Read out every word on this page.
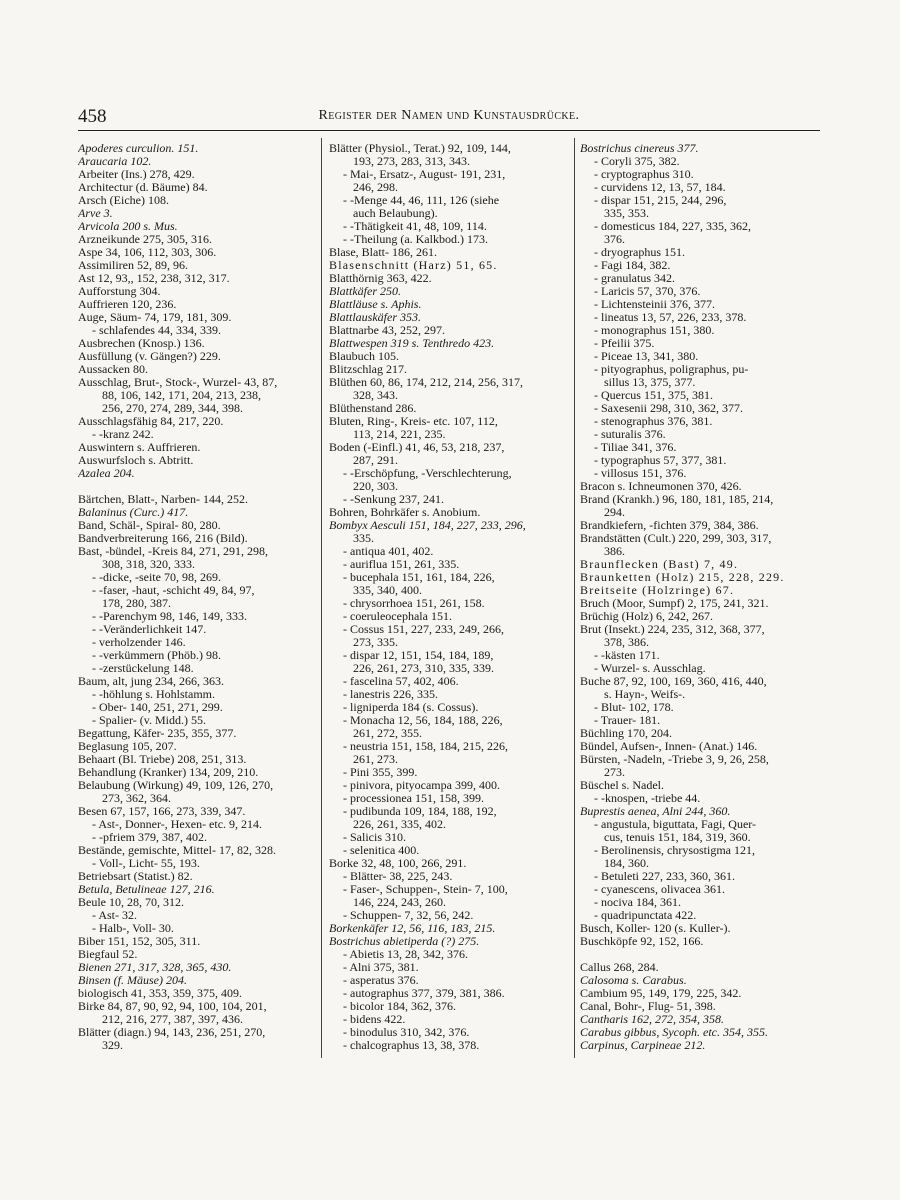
458	Register der Namen und Kunstausdrücke.
Apoderes curculion. 151.
Araucaria 102.
Arbeiter (Ins.) 278, 429.
Architectur (d. Bäume) 84.
Arsch (Eiche) 108.
Arve 3.
Arvicola 200 s. Mus.
Arzneikunde 275, 305, 316.
Aspe 34, 106, 112, 303, 306.
Assimiliren 52, 89, 96.
Ast 12, 93,, 152, 238, 312, 317.
Aufforstung 304.
Auffrieren 120, 236.
Auge, Säum- 74, 179, 181, 309.
- schlafendes 44, 334, 339.
Ausbrechen (Knosp.) 136.
Ausfüllung (v. Gängen?) 229.
Aussacken 80.
Ausschlag, Brut-, Stock-, Wurzel- 43, 87,
88, 106, 142, 171, 204, 213, 238,
256, 270, 274, 289, 344, 398.
Ausschlagsfähig 84, 217, 220.
- -kranz 242.
Auswintern s. Auffrieren.
Auswurfsloch s. Abtritt.
Azalea 204.
Bärtchen, Blatt-, Narben- 144, 252.
Balaninus (Curc.) 417.
Band, Schäl-, Spiral- 80, 280.
Bandverbreiterung 166, 216 (Bild).
Bast, -bündel, -Kreis 84, 271, 291, 298,
308, 318, 320, 333.
- -dicke, -seite 70, 98, 269.
- -faser, -haut, -schicht 49, 84, 97,
178, 280, 387.
- -Parenchym 98, 146, 149, 333.
- -Veränderlichkeit 147.
- verholzender 146.
- -verkümmern (Phöb.) 98.
- -zerstückelung 148.
Baum, alt, jung 234, 266, 363.
- -höhlung s. Hohlstamm.
- Ober- 140, 251, 271, 299.
- Spalier- (v. Midd.) 55.
Begattung, Käfer- 235, 355, 377.
Beglasung 105, 207.
Behaart (Bl. Triebe) 208, 251, 313.
Behandlung (Kranker) 134, 209, 210.
Belaubung (Wirkung) 49, 109, 126, 270,
273, 362, 364.
Besen 67, 157, 166, 273, 339, 347.
- Ast-, Donner-, Hexen- etc. 9, 214.
- -pfriem 379, 387, 402.
Bestände, gemischte, Mittel- 17, 82, 328.
- Voll-, Licht- 55, 193.
Betriebsart (Statist.) 82.
Betula, Betulineae 127, 216.
Beule 10, 28, 70, 312.
- Ast- 32.
- Halb-, Voll- 30.
Biber 151, 152, 305, 311.
Biegfaul 52.
Bienen 271, 317, 328, 365, 430.
Binsen (f. Mäuse) 204.
biologisch 41, 353, 359, 375, 409.
Birke 84, 87, 90, 92, 94, 100, 104, 201,
212, 216, 277, 387, 397, 436.
Blätter (diagn.) 94, 143, 236, 251, 270,
329.
Blätter (Physiol., Terat.) 92, 109, 144,
193, 273, 283, 313, 343.
- Mai-, Ersatz-, August- 191, 231,
246, 298.
- -Menge 44, 46, 111, 126 (siehe
auch Belaubung).
- -Thätigkeit 41, 48, 109, 114.
- -Theilung (a. Kalkbod.) 173.
Blase, Blatt- 186, 261.
Blasenschnitt (Harz) 51, 65.
Blatthörnig 363, 422.
Blattkäfer 250.
Blattläuse s. Aphis.
Blattlauskäfer 353.
Blattnarbe 43, 252, 297.
Blattwespen 319 s. Tenthredo 423.
Blaubuch 105.
Blitzschlag 217.
Blüthen 60, 86, 174, 212, 214, 256, 317,
328, 343.
Blüthenstand 286.
Bluten, Ring-, Kreis- etc. 107, 112,
113, 214, 221, 235.
Boden (-Einfl.) 41, 46, 53, 218, 237,
287, 291.
- -Erschöpfung, -Verschlechterung,
220, 303.
- -Senkung 237, 241.
Bohren, Bohrkäfer s. Anobium.
Bombyx Aesculi 151, 184, 227, 233, 296,
335.
- antiqua 401, 402.
- auriflua 151, 261, 335.
- bucephala 151, 161, 184, 226,
335, 340, 400.
- chrysorrhoea 151, 261, 158.
- coeruleocephala 151.
- Cossus 151, 227, 233, 249, 266,
273, 335.
- dispar 12, 151, 154, 184, 189,
226, 261, 273, 310, 335, 339.
- fascelina 57, 402, 406.
- lanestris 226, 335.
- ligniperda 184 (s. Cossus).
- Monacha 12, 56, 184, 188, 226,
261, 272, 355.
- neustria 151, 158, 184, 215, 226,
261, 273.
- Pini 355, 399.
- pinivora, pityocampa 399, 400.
- processionea 151, 158, 399.
- pudibunda 109, 184, 188, 192,
226, 261, 335, 402.
- Salicis 310.
- selenitica 400.
Borke 32, 48, 100, 266, 291.
- Blätter- 38, 225, 243.
- Faser-, Schuppen-, Stein- 7, 100,
146, 224, 243, 260.
- Schuppen- 7, 32, 56, 242.
Borkenkäfer 12, 56, 116, 183, 215.
Bostrichus abietiperda (?) 275.
- Abietis 13, 28, 342, 376.
- Alni 375, 381.
- asperatus 376.
- autographus 377, 379, 381, 386.
- bicolor 184, 362, 376.
- bidens 422.
- binodulus 310, 342, 376.
- chalcographus 13, 38, 378.
Bostrichus cinereus 377.
- Coryli 375, 382.
- cryptographus 310.
- curvidens 12, 13, 57, 184.
- dispar 151, 215, 244, 296,
335, 353.
- domesticus 184, 227, 335, 362,
376.
- dryographus 151.
- Fagi 184, 382.
- granulatus 342.
- Laricis 57, 370, 376.
- Lichtensteinii 376, 377.
- lineatus 13, 57, 226, 233, 378.
- monographus 151, 380.
- Pfeilii 375.
- Piceae 13, 341, 380.
- pityographus, poligraphus, pu-
sillus 13, 375, 377.
- Quercus 151, 375, 381.
- Saxesenii 298, 310, 362, 377.
- stenographus 376, 381.
- suturalis 376.
- Tiliae 341, 376.
- typographus 57, 377, 381.
- villosus 151, 376.
Bracon s. Ichneumonen 370, 426.
Brand (Krankh.) 96, 180, 181, 185, 214,
294.
Brandkiefern, -fichten 379, 384, 386.
Brandstätten (Cult.) 220, 299, 303, 317,
386.
Braunflecken (Bast) 7, 49.
Braunketten (Holz) 215, 228, 229.
Breitseite (Holzringe) 67.
Bruch (Moor, Sumpf) 2, 175, 241, 321.
Brüchig (Holz) 6, 242, 267.
Brut (Insekt.) 224, 235, 312, 368, 377,
378, 386.
- -kästen 171.
- Wurzel- s. Ausschlag.
Buche 87, 92, 100, 169, 360, 416, 440,
s. Hayn-, Weifs-.
- Blut- 102, 178.
- Trauer- 181.
Büchling 170, 204.
Bündel, Aufsen-, Innen- (Anat.) 146.
Bürsten, -Nadeln, -Triebe 3, 9, 26, 258,
273.
Büschel s. Nadel.
- -knospen, -triebe 44.
Buprestis aenea, Alni 244, 360.
- angustula, biguttata, Fagi, Quer-
cus, tenuis 151, 184, 319, 360.
- Berolinensis, chrysostigma 121,
184, 360.
- Betuleti 227, 233, 360, 361.
- cyanescens, olivacea 361.
- nociva 184, 361.
- quadripunctata 422.
Busch, Koller- 120 (s. Kuller-).
Buschköpfe 92, 152, 166.
Callus 268, 284.
Calosoma s. Carabus.
Cambium 95, 149, 179, 225, 342.
Canal, Bohr-, Flug- 51, 398.
Cantharis 162, 272, 354, 358.
Carabus gibbus, Sycoph. etc. 354, 355.
Carpinus, Carpineae 212.
